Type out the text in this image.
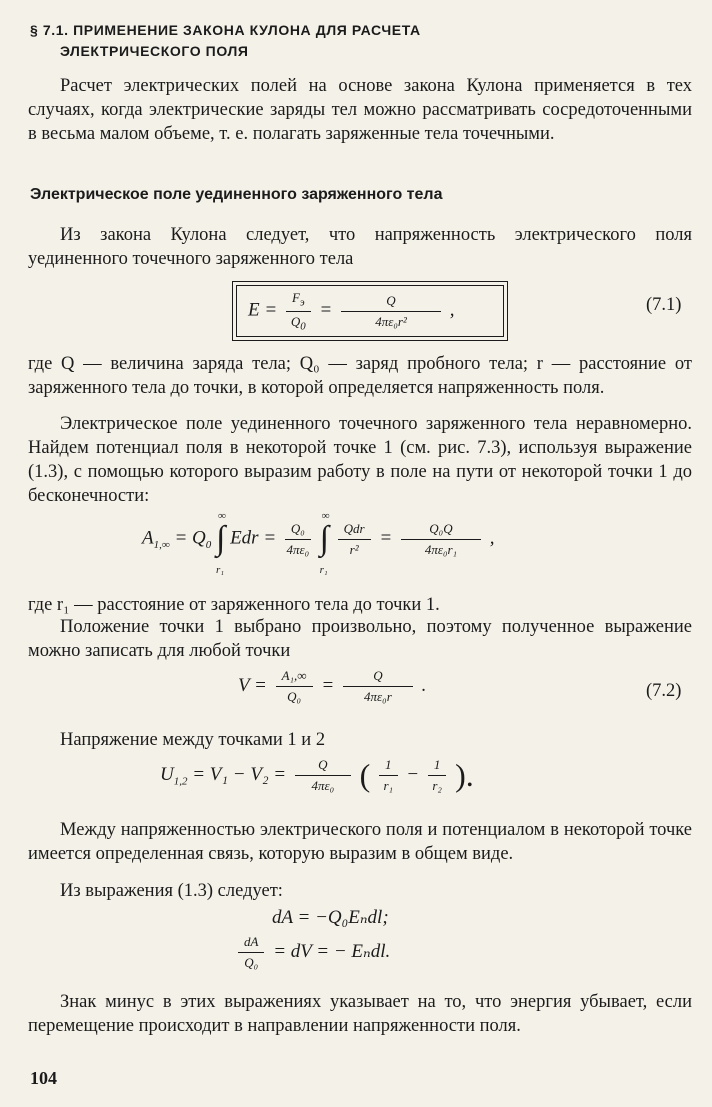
§ 7.1. ПРИМЕНЕНИЕ ЗАКОНА КУЛОНА ДЛЯ РАСЧЕТА
ЭЛЕКТРИЧЕСКОГО ПОЛЯ
Расчет электрических полей на основе закона Кулона применяется в тех случаях, когда электрические заряды тел можно рассматривать сосредоточенными в весьма малом объеме, т. е. полагать заряженные тела точечными.
Электрическое поле уединенного заряженного тела
Из закона Кулона следует, что напряженность электрического поля уединенного точечного заряженного тела
$E = \frac{F_э}{Q_0} = \frac{Q}{\text{4πε₀r²}}$ ,	(7.1)
где Q — величина заряда тела; Q₀ — заряд пробного тела; r — расстояние от заряженного тела до точки, в которой определяется напряженность поля.
Электрическое поле уединенного точечного заряженного тела неравномерно. Найдем потенциал поля в некоторой точке 1 (см. рис. 7.3), используя выражение (1.3), с помощью которого выразим работу в поле на пути от некоторой точки 1 до бесконечности:
$A_{1,\infty} = Q_0$ ∫
∞
r₁
Edr = $\frac{\text{Q₀}}{\text{4πε₀}}$ ∫
∞
r₁

$\frac{\text{Qdr}}{\text{r²}} = \frac{\text{Q₀Q}}{\text{4πε₀r₁}}$ ,
где r₁ — расстояние от заряженного тела до точки 1.
Положение точки 1 выбрано произвольно, поэтому полученное выражение можно записать для любой точки
$V = \frac{\text{A₁,∞}}{\text{Q₀}} = \frac{Q}{\text{4πε₀r}}$ .	(7.2)
Напряжение между точками 1 и 2
$U_{1,2} = V_1 - V_2 = \frac{Q}{\text{4πε₀}}$ ( $\frac{1}{\text{r₁}} - \frac{1}{\text{r₂}}$ ).
Между напряженностью электрического поля и потенциалом в некоторой точке имеется определенная связь, которую выразим в общем виде.
Из выражения (1.3) следует:
dA = −Q₀Eₙdl;
$\frac{dA}{\text{Q₀}}$ = dV = − Eₙdl.
Знак минус в этих выражениях указывает на то, что энергия убывает, если перемещение происходит в направлении напряженности поля.
104
